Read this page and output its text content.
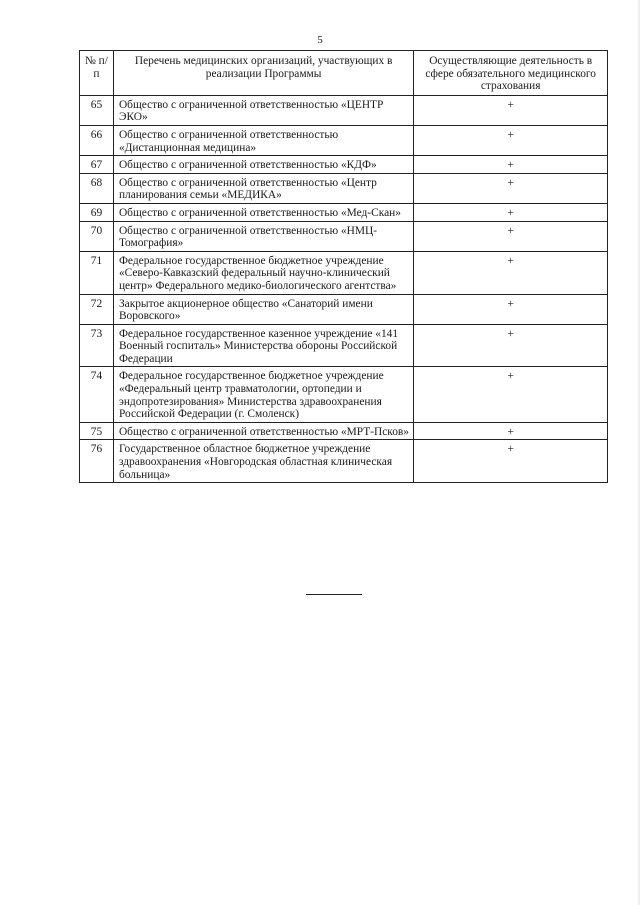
5
№ п/п	Перечень медицинских организаций, участвующих в реализации Программы	Осуществляющие деятельность в сфере обязательного медицинского страхования
65	Общество с ограниченной ответственностью «ЦЕНТР ЭКО»	+
66	Общество с ограниченной ответственностью «Дистанционная медицина»	+
67	Общество с ограниченной ответственностью «КДФ»	+
68	Общество с ограниченной ответственностью «Центр планирования семьи «МЕДИКА»	+
69	Общество с ограниченной ответственностью «Мед-Скан»	+
70	Общество с ограниченной ответственностью «НМЦ-Томография»	+
71	Федеральное государственное бюджетное учреждение «Северо-Кавказский федеральный научно-клинический центр» Федерального медико-биологического агентства»	+
72	Закрытое акционерное общество «Санаторий имени Воровского»	+
73	Федеральное государственное казенное учреждение «141 Военный госпиталь» Министерства обороны Российской Федерации	+
74	Федеральное государственное бюджетное учреждение «Федеральный центр травматологии, ортопедии и эндопротезирования» Министерства здравоохранения Российской Федерации (г. Смоленск)	+
75	Общество с ограниченной ответственностью «МРТ-Псков»	+
76	Государственное областное бюджетное учреждение здравоохранения «Новгородская областная клиническая больница»	+
